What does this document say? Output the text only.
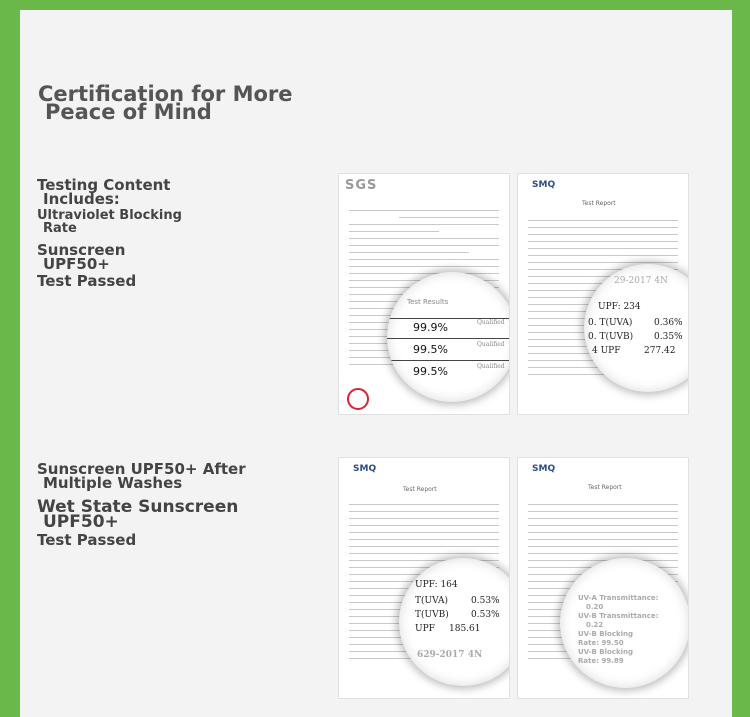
Certification for More
Peace of Mind
Testing Content
Includes:
Ultraviolet Blocking
Rate
Sunscreen
UPF50+
Test Passed
Sunscreen UPF50+ After
Multiple Washes
Wet State Sunscreen
UPF50+
Test Passed
SGS
Test Results
99.9%	Qualified
99.5%	Qualified
99.5%	Qualified
SMQ
Test Report
29-2017 4N
UPF: 234
0. T(UVA) 0.36%
0. T(UVB) 0.35%
4 UPF	277.42
SMQ
Test Report
UPF: 164
T(UVA)	0.53%
T(UVB) 0.53%
UPF 185.61
629-2017 4N
SMQ
Test Report
UV-A Transmittance:
0.20
UV-B Transmittance:
0.22
UV-B Blocking
Rate: 99.50
UV-B Blocking
Rate: 99.89
